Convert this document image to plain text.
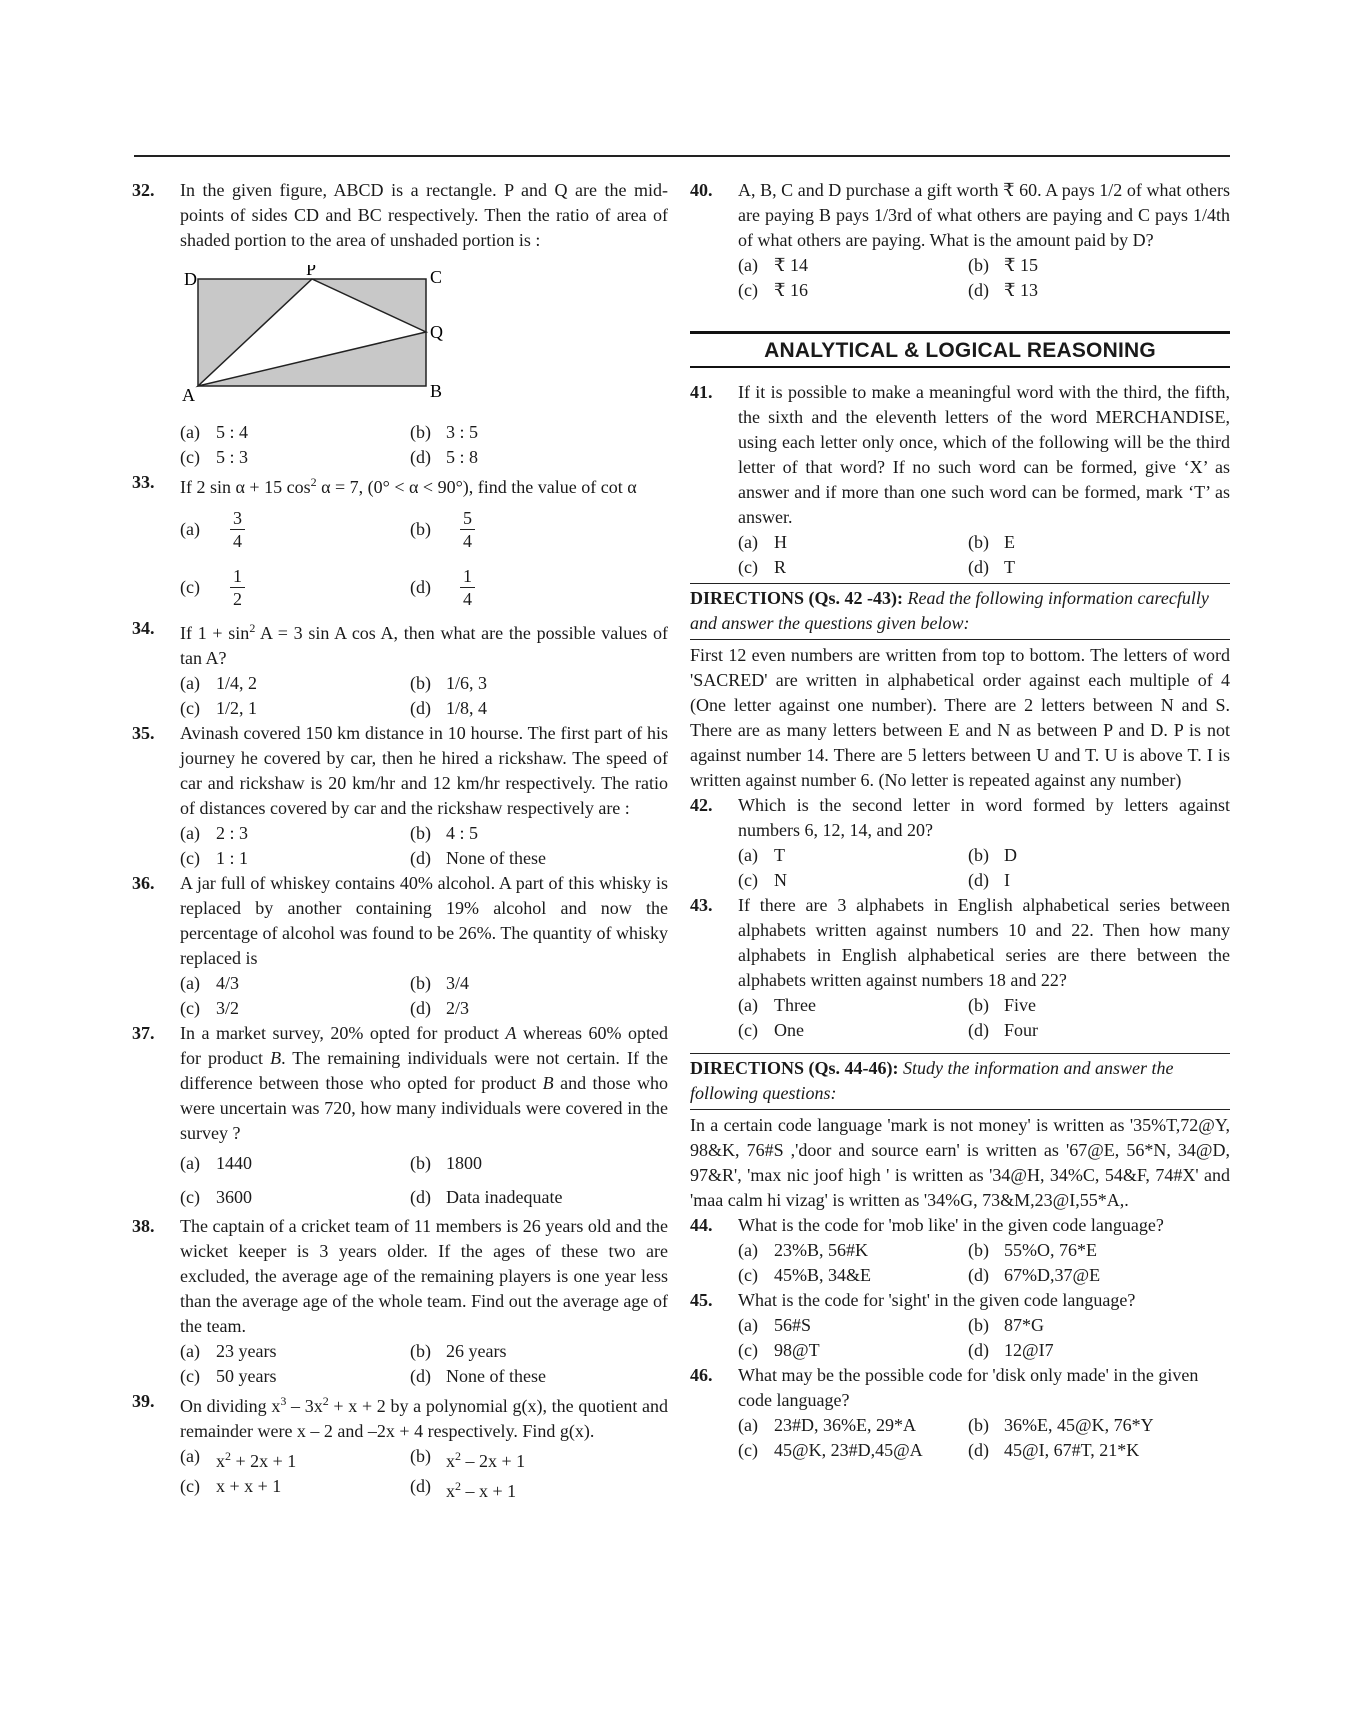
32.	In the given figure, ABCD is a rectangle. P and Q are the mid-points of sides CD and BC respectively. Then the ratio of area of shaded portion to the area of unshaded portion is :
D	P	C
Q
A	B
(a) 5 : 4	(b) 3 : 5
(c) 5 : 3	(d) 5 : 8
33.	If 2 sin α + 15 $\cos^2 \alpha = 7$, (0° < α < 90°), find the value of cot α
(a)	$\frac{3}{4}$	(b)	$\frac{5}{4}$
(c)	$\frac{1}{2}$	(d)	$\frac{1}{4}$
34.	If $1 + \sin^2 A = 3$ sin A cos A, then what are the possible values of tan A?
(a) 1/4, 2	(b) 1/6, 3
(c) 1/2, 1	(d) 1/8, 4
35.	Avinash covered 150 km distance in 10 hourse. The first part of his journey he covered by car, then he hired a rickshaw. The speed of car and rickshaw is 20 km/hr and 12 km/hr respectively. The ratio of distances covered by car and the rickshaw respectively are :
(a) 2 : 3	(b) 4 : 5
(c) 1 : 1	(d) None of these
36.	A jar full of whiskey contains 40% alcohol. A part of this whisky is replaced by another containing 19% alcohol and now the percentage of alcohol was found to be 26%. The quantity of whisky replaced is
(a) 4/3	(b) 3/4
(c) 3/2	(d) 2/3
37.	In a market survey, 20% opted for product A whereas 60% opted for product B. The remaining individuals were not certain. If the difference between those who opted for product B and those who were uncertain was 720, how many individuals were covered in the survey ?
(a) 1440	(b) 1800
(c) 3600	(d) Data inadequate
38.	The captain of a cricket team of 11 members is 26 years old and the wicket keeper is 3 years older. If the ages of these two are excluded, the average age of the remaining players is one year less than the average age of the whole team. Find out the average age of the team.
(a) 23 years	(b) 26 years
(c) 50 years	(d) None of these
39.	On dividing $x^3 - 3x^2 + x + 2$ by a polynomial g(x), the quotient and remainder were x – 2 and –2x + 4 respectively. Find g(x).
(a) $x^2 + 2x + 1$	(b) $x^2 - 2x + 1$
(c) x + x + 1	(d) $x^2 - x + 1$
40.	A, B, C and D purchase a gift worth ₹ 60. A pays 1/2 of what others are paying B pays 1/3rd of what others are paying and C pays 1/4th of what others are paying. What is the amount paid by D?
(a) ₹ 14	(b) ₹ 15
(c) ₹ 16	(d) ₹ 13
ANALYTICAL & LOGICAL REASONING
41.	If it is possible to make a meaningful word with the third, the fifth, the sixth and the eleventh letters of the word MERCHANDISE, using each letter only once, which of the following will be the third letter of that word? If no such word can be formed, give ‘X’ as answer and if more than one such word can be formed, mark ‘T’ as answer.
(a) H	(b) E
(c) R	(d) T
DIRECTIONS (Qs. 42 -43): Read the following information carecfully and answer the questions given below:
First 12 even numbers are written from top to bottom. The letters of word 'SACRED' are written in alphabetical order against each multiple of 4 (One letter against one number). There are 2 letters between N and S. There are as many letters between E and N as between P and D. P is not against number 14. There are 5 letters between U and T. U is above T. I is written against number 6. (No letter is repeated against any number)
42.	Which is the second letter in word formed by letters against numbers 6, 12, 14, and 20?
(a) T	(b) D
(c) N	(d) I
43.	If there are 3 alphabets in English alphabetical series between alphabets written against numbers 10 and 22. Then how many alphabets in English alphabetical series are there between the alphabets written against numbers 18 and 22?
(a) Three	(b) Five
(c) One	(d) Four
DIRECTIONS (Qs. 44-46): Study the information and answer the following questions:
In a certain code language 'mark is not money' is written as '35%T,72@Y, 98&K, 76#S ,'door and source earn' is written as '67@E, 56*N, 34@D, 97&R', 'max nic joof high ' is written as '34@H, 34%C, 54&F, 74#X' and 'maa calm hi vizag' is written as '34%G, 73&M,23@I,55*A,.
44.	What is the code for 'mob like' in the given code language?
(a) 23%B, 56#K	(b) 55%O, 76*E
(c) 45%B, 34&E	(d) 67%D,37@E
45.	What is the code for 'sight' in the given code language?
(a) 56#S	(b) 87*G
(c) 98@T	(d) 12@I7
46.	What may be the possible code for 'disk only made' in the given code language?
(a) 23#D, 36%E, 29*A	(b) 36%E, 45@K, 76*Y
(c) 45@K, 23#D,45@A	(d) 45@I, 67#T, 21*K
